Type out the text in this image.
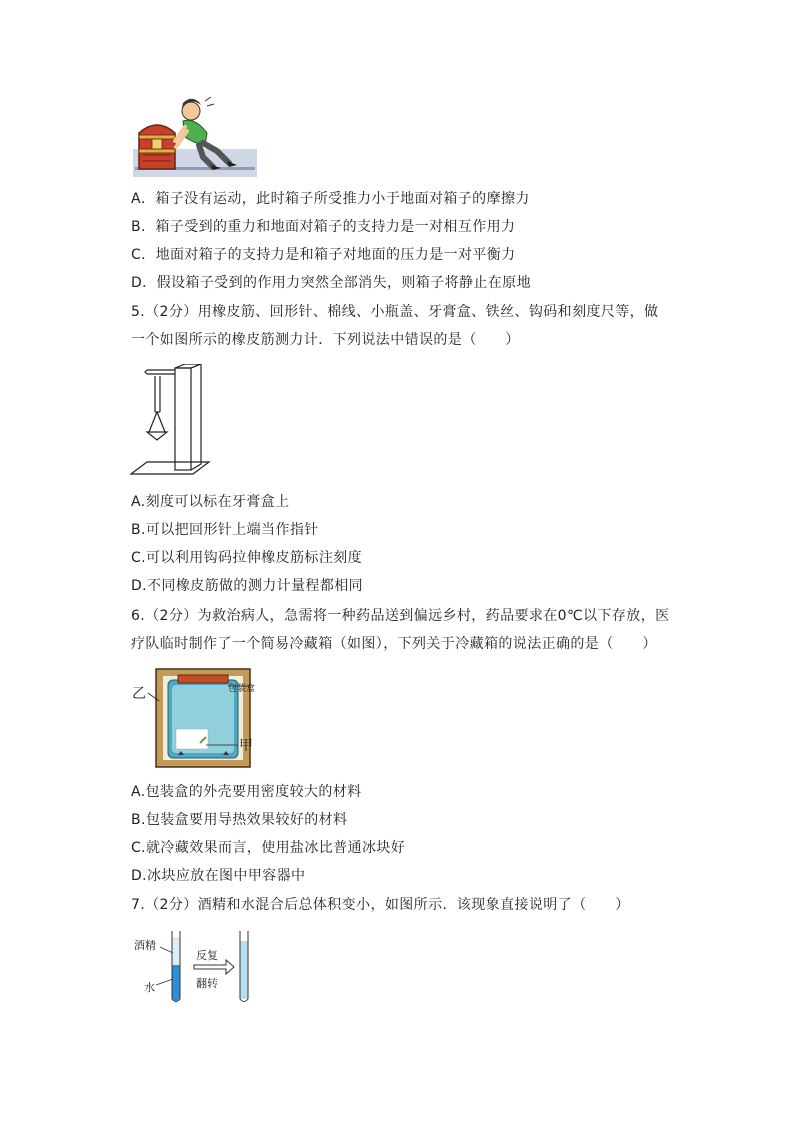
A．箱子没有运动，此时箱子所受推力小于地面对箱子的摩擦力
B．箱子受到的重力和地面对箱子的支持力是一对相互作用力
C．地面对箱子的支持力是和箱子对地面的压力是一对平衡力
D．假设箱子受到的作用力突然全部消失，则箱子将静止在原地
5.（2分）用橡皮筋、回形针、棉线、小瓶盖、牙膏盒、铁丝、钩码和刻度尺等，做
一个如图所示的橡皮筋测力计．下列说法中错误的是（　　）
A.刻度可以标在牙膏盒上
B.可以把回形针上端当作指针
C.可以利用钩码拉伸橡皮筋标注刻度
D.不同橡皮筋做的测力计量程都相同
6.（2分）为救治病人，急需将一种药品送到偏远乡村，药品要求在0℃以下存放，医
疗队临时制作了一个简易冷藏箱（如图），下列关于冷藏箱的说法正确的是（　　）
乙
甲
包装盒
A.包装盒的外壳要用密度较大的材料
B.包装盒要用导热效果较好的材料
C.就冷藏效果而言，使用盐冰比普通冰块好
D.冰块应放在图中甲容器中
7.（2分）酒精和水混合后总体积变小，如图所示．该现象直接说明了（　　）
酒精
水
反复
翻转
